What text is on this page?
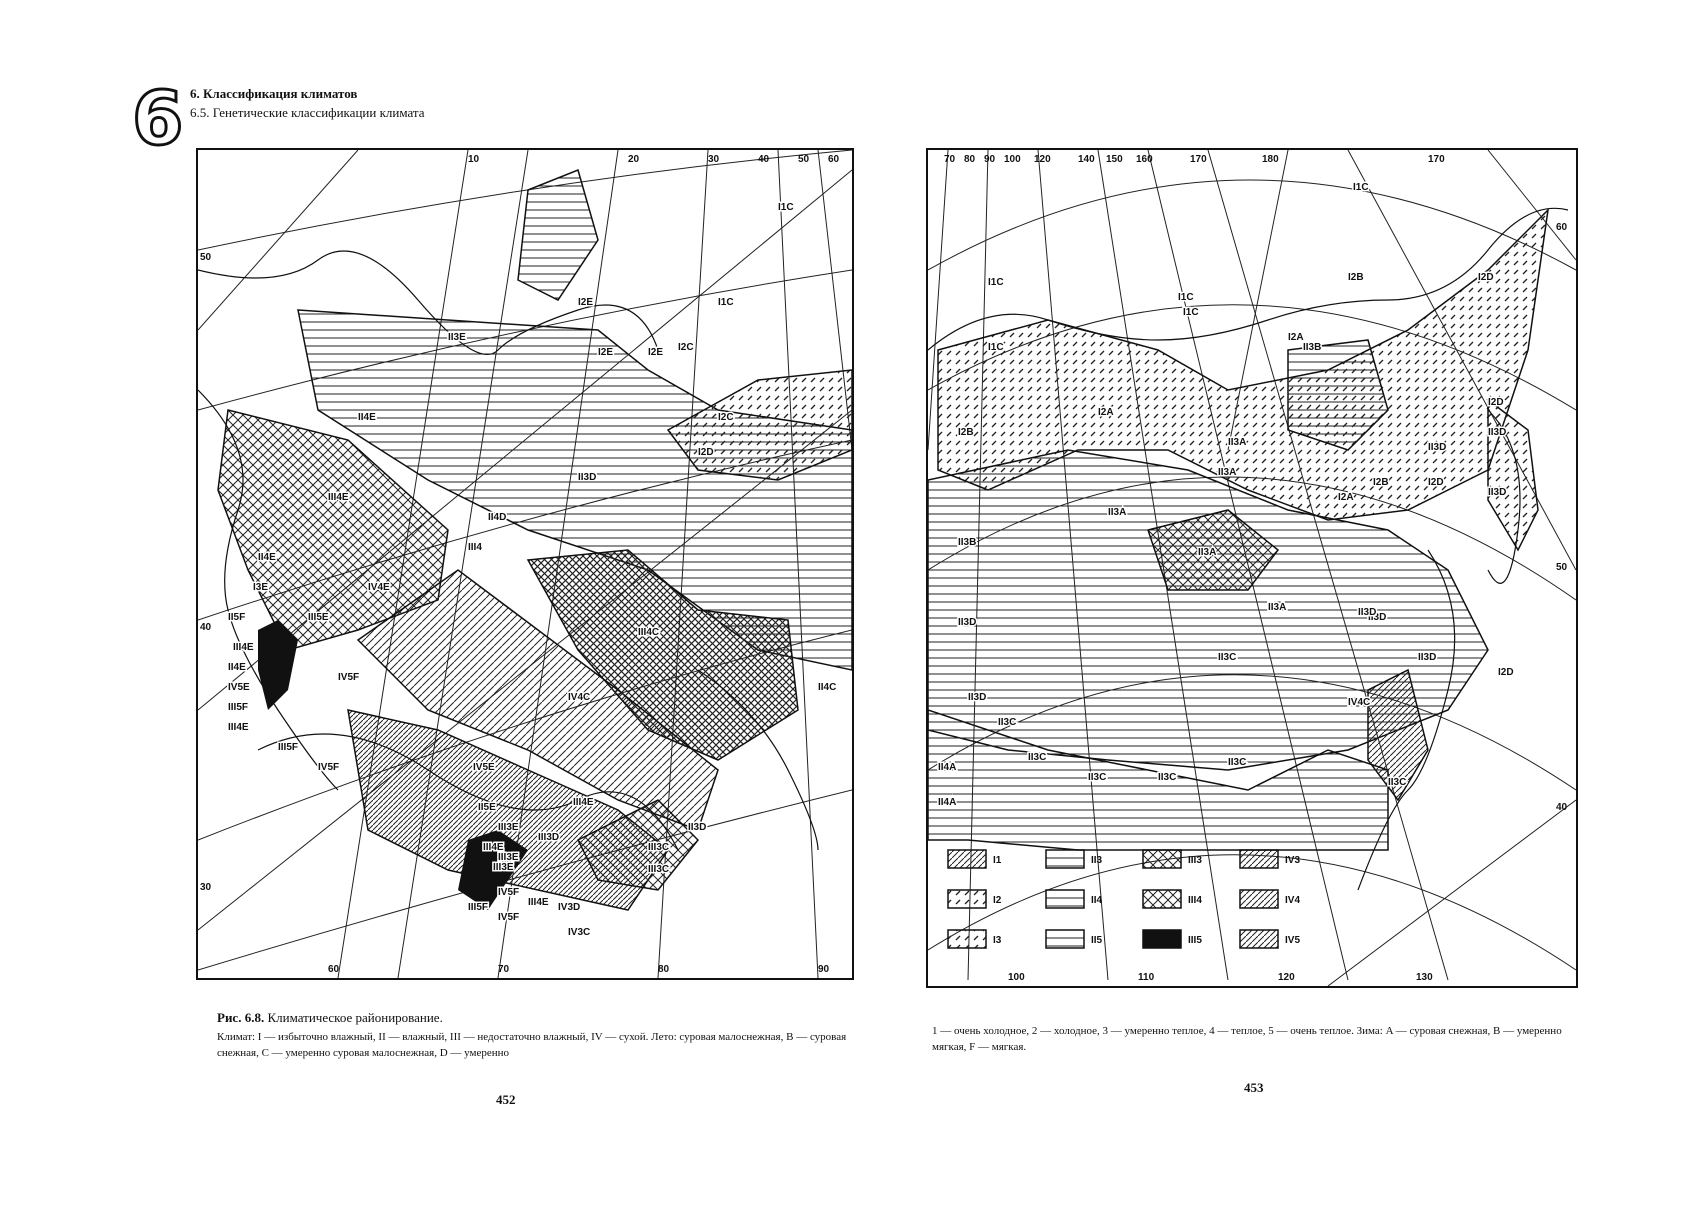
6 6. Классификация климатов
6.5. Генетические классификации климата
I1C
I1C
I2E
I2E	I2E I2C
II3E
I2C
II4E
I2D
II3D
III4E
II4D
III4
II4E
I3E	IV4E
II5F	III5E
III4E
III4C
II4E
IV5E
III5F
IV5F
III4E
III5F
II4C
IV4C
IV5F	IV5E
III4E
II5E
III3E
III3D
III4E
III3E
III3C
II3D
IV5F
III3E	III3C
III5F
IV5F
III4E IV3D
IV3C
10	20	30	40	50 60
60	70	80	90
50
40
30
I1	II3	III3	IV3
I2	II4	III4	IV4
I3	II5	III5	IV5
I1C
I1C
I1C
I1C
I1C
I2B	I2D
I2A
I2B
I2A
II3B
II3A
I2D
II3D
I2B
II3A
II3B
I2A
II3D
II3A
II3D
II3A
I2D
II3D
II3A
II3D
I2D
II3C
II3D
II3D
II3D
II3C
II3C
IV4C
II3C	II3C	II3C
II4A
II4A
II3C
70 80 90 100 120	140 150 160	170	180	170
100	110	120	130
60
50
40
Рис. 6.8. Климатическое районирование.
Климат: I — избыточно влажный, II — влажный, III — недостаточно влажный, IV — сухой. Лето: суровая малоснежная, B — суровая снежная, C — умеренно суровая малоснежная, D — умеренно
1 — очень холодное, 2 — холодное, 3 — умеренно теплое, 4 — теплое, 5 — очень теплое. Зима: A — суровая снежная, B — умеренно мягкая, F — мягкая.
452
453
